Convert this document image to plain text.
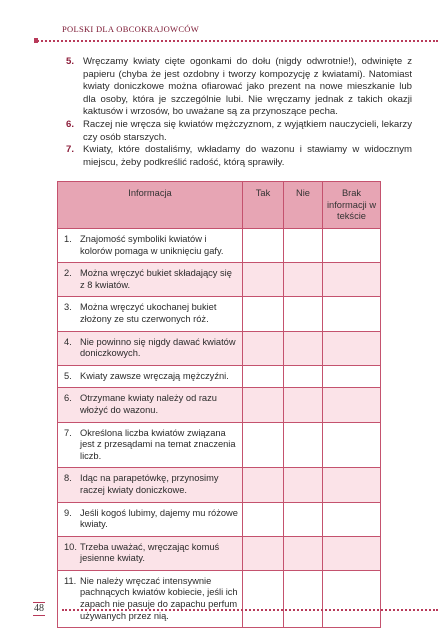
POLSKI DLA OBCOKRAJOWCÓW
5. Wręczamy kwiaty cięte ogonkami do dołu (nigdy odwrotnie!), odwinięte z papieru (chyba że jest ozdobny i tworzy kompozycję z kwiatami). Natomiast kwiaty doniczkowe można ofiarować jako prezent na nowe mieszkanie lub dla osoby, która je szczególnie lubi. Nie wręczamy jednak z takich okazji kaktusów i wrzosów, bo uważane są za przynoszące pecha.
6. Raczej nie wręcza się kwiatów mężczyznom, z wyjątkiem nauczycieli, lekarzy czy osób starszych.
7. Kwiaty, które dostaliśmy, wkładamy do wazonu i stawiamy w widocznym miejscu, żeby podkreślić radość, którą sprawiły.
Informacja	Tak	Nie	Brak informacji w tekście

1. Znajomość symboliki kwiatów i kolorów pomaga w uniknięciu gafy.			

2. Można wręczyć bukiet składający się z 8 kwiatów.			

3. Można wręczyć ukochanej bukiet złożony ze stu czerwonych róż.			

4. Nie powinno się nigdy dawać kwiatów doniczkowych.			

5. Kwiaty zawsze wręczają mężczyźni.			

6. Otrzymane kwiaty należy od razu włożyć do wazonu.			

7. Określona liczba kwiatów związana jest z przesądami na temat znaczenia liczb.			

8. Idąc na parapetówkę, przynosimy raczej kwiaty doniczkowe.			

9. Jeśli kogoś lubimy, dajemy mu różowe kwiaty.			

10. Trzeba uważać, wręczając komuś jesienne kwiaty.			

11. Nie należy wręczać intensywnie pachnących kwiatów kobiecie, jeśli ich zapach nie pasuje do zapachu perfum używanych przez nią.			

48
